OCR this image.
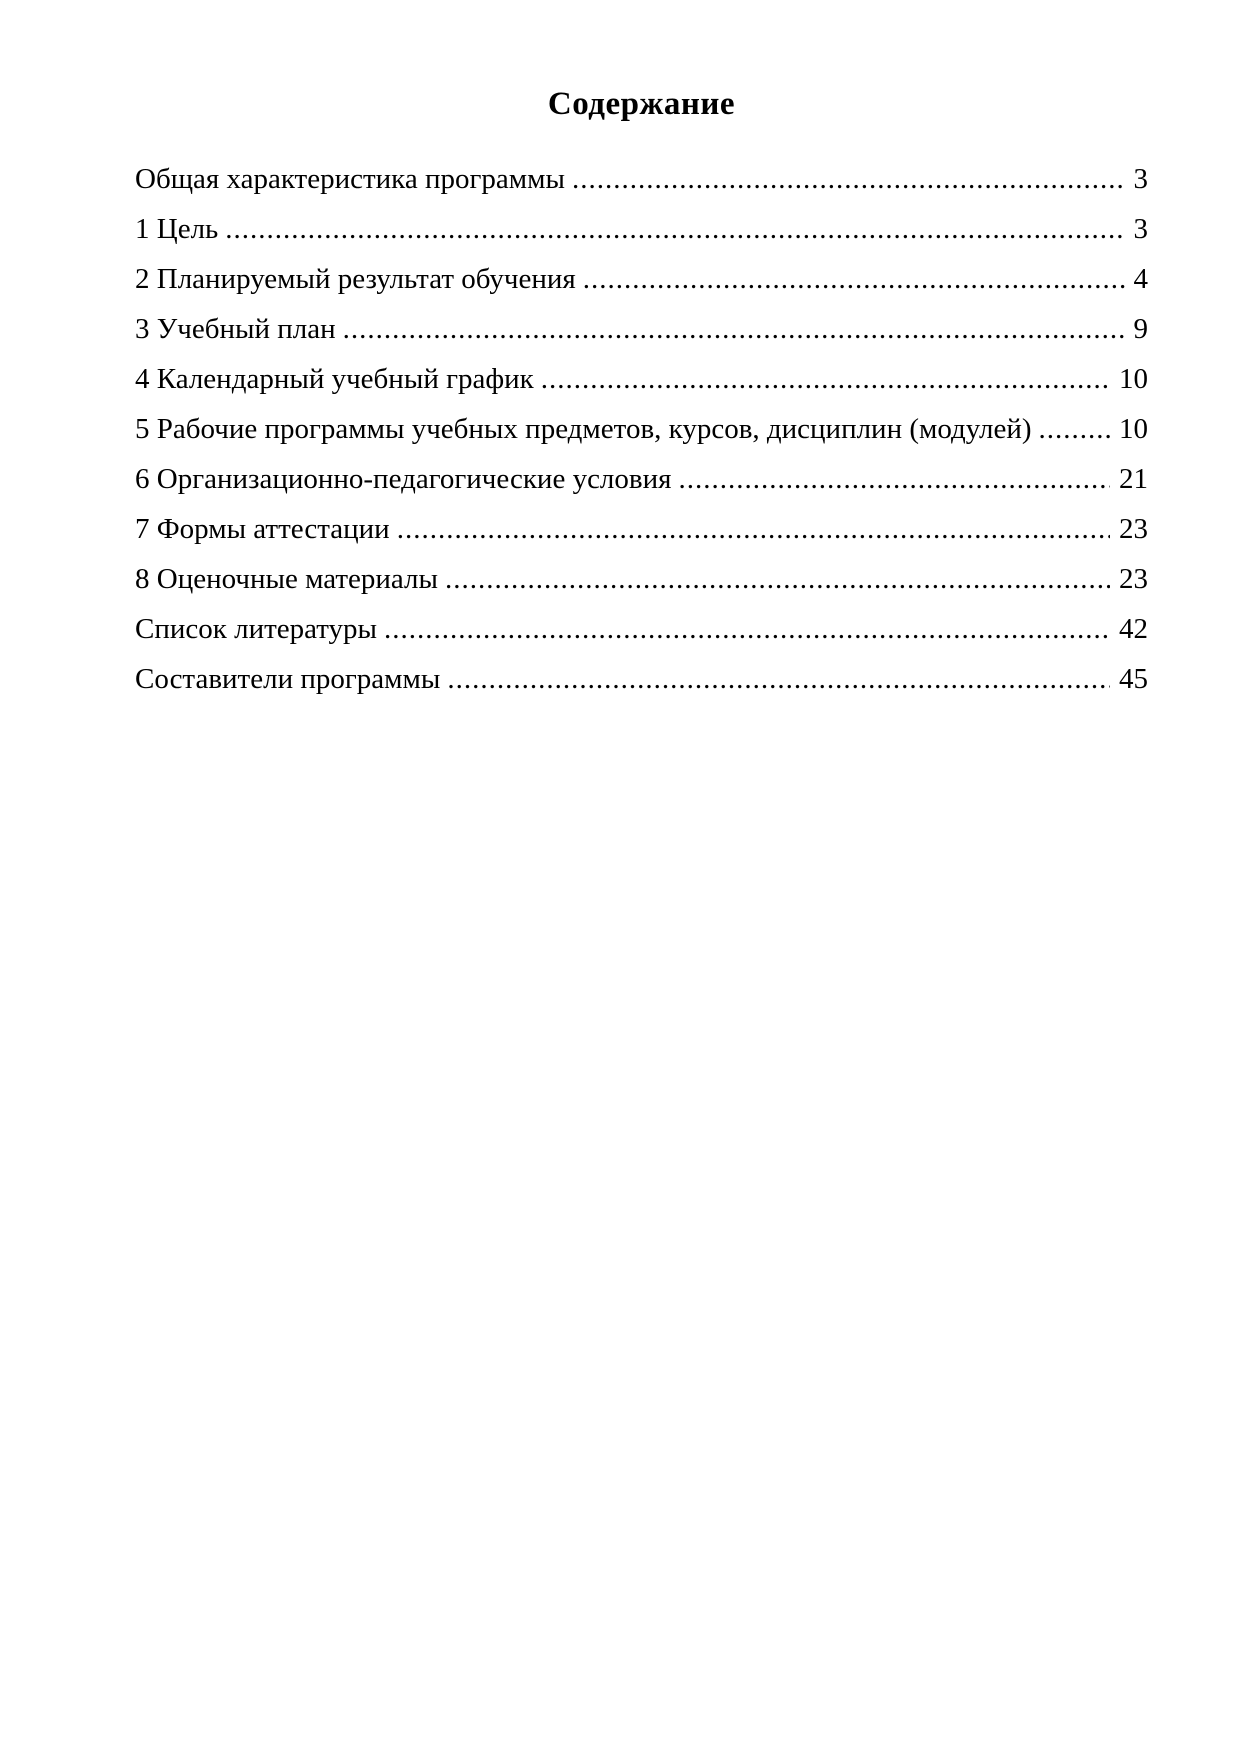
Содержание
Общая характеристика программы .....	3
1 Цель .....	3
2 Планируемый результат обучения .....	4
3 Учебный план .....	9
4 Календарный учебный график .....	10
5 Рабочие программы учебных предметов, курсов, дисциплин (модулей) .....	10
6 Организационно-педагогические условия .....	21
7 Формы аттестации .....	23
8 Оценочные материалы .....	23
Список литературы .....	42
Составители программы .....	45
